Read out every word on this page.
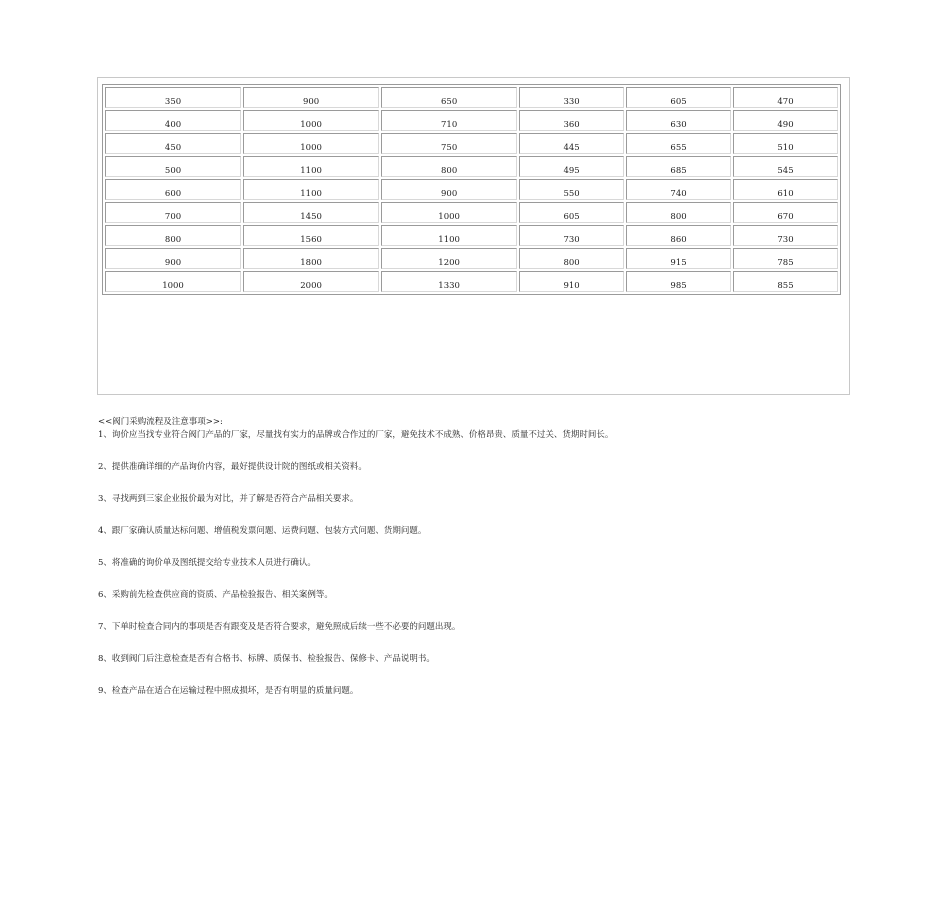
350	900	650	330	605	470
400	1000	710	360	630	490
450	1000	750	445	655	510
500	1100	800	495	685	545
600	1100	900	550	740	610
700	1450	1000	605	800	670
800	1560	1100	730	860	730
900	1800	1200	800	915	785
1000	2000	1330	910	985	855
<<阀门采购流程及注意事项>>:
1、询价应当找专业符合阀门产品的厂家，尽量找有实力的品牌或合作过的厂家，避免技术不成熟、价格昂贵、质量不过关、货期时间长。
2、提供准确详细的产品询价内容，最好提供设计院的图纸或相关资料。
3、寻找两到三家企业报价最为对比，并了解是否符合产品相关要求。
4、跟厂家确认质量达标问题、增值税发票问题、运费问题、包装方式问题、货期问题。
5、将准确的询价单及图纸提交给专业技术人员进行确认。
6、采购前先检查供应商的资质、产品检验报告、相关案例等。
7、下单时检查合同内的事项是否有跟变及是否符合要求，避免照成后续一些不必要的问题出现。
8、收到阀门后注意检查是否有合格书、标牌、质保书、检验报告、保修卡、产品说明书。
9、检查产品在适合在运输过程中照成损坏，是否有明显的质量问题。
